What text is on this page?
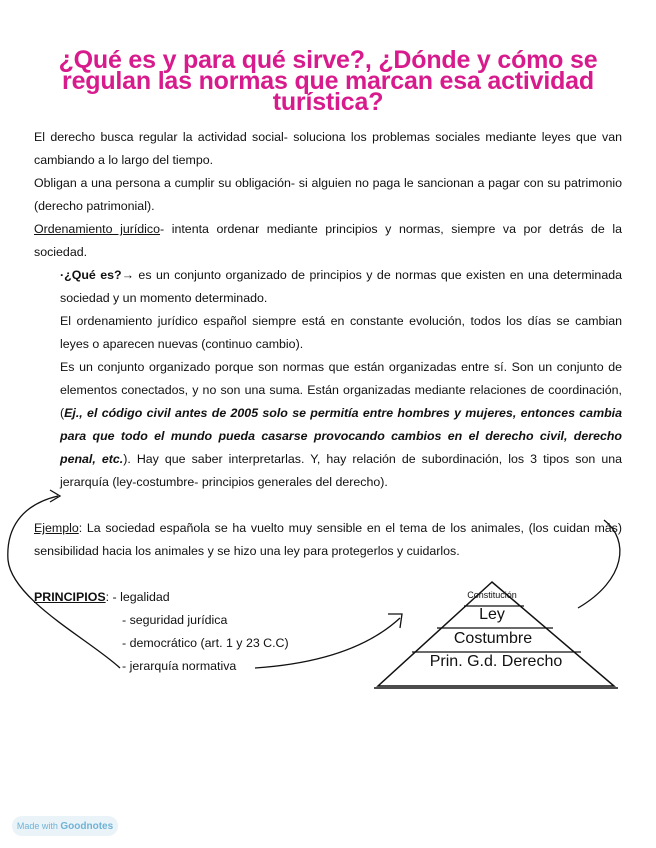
¿Qué es y para qué sirve?, ¿Dónde y cómo se
regulan las normas que marcan esa actividad
turística?
El derecho busca regular la actividad social- soluciona los problemas sociales mediante leyes que van cambiando a lo largo del tiempo.
Obligan a una persona a cumplir su obligación- si alguien no paga le sancionan a pagar con su patrimonio (derecho patrimonial).
Ordenamiento jurídico- intenta ordenar mediante principios y normas, siempre va por detrás de la sociedad.
·¿Qué es?→ es un conjunto organizado de principios y de normas que existen en una determinada sociedad y un momento determinado.
El ordenamiento jurídico español siempre está en constante evolución, todos los días se cambian leyes o aparecen nuevas (continuo cambio).
Es un conjunto organizado porque son normas que están organizadas entre sí. Son un conjunto de elementos conectados, y no son una suma. Están organizadas mediante relaciones de coordinación, (Ej., el código civil antes de 2005 solo se permitía entre hombres y mujeres, entonces cambia para que todo el mundo pueda casarse provocando cambios en el derecho civil, derecho penal, etc.). Hay que saber interpretarlas. Y, hay relación de subordinación, los 3 tipos son una jerarquía (ley-costumbre- principios generales del derecho).
Ejemplo: La sociedad española se ha vuelto muy sensible en el tema de los animales, (los cuidan más) sensibilidad hacia los animales y se hizo una ley para protegerlos y cuidarlos.
PRINCIPIOS: - legalidad
- seguridad jurídica
- democrático (art. 1 y 23 C.C)
- jerarquía normativa
Constitución
Ley
Costumbre
Prin. G.d. Derecho
Made with Goodnotes
